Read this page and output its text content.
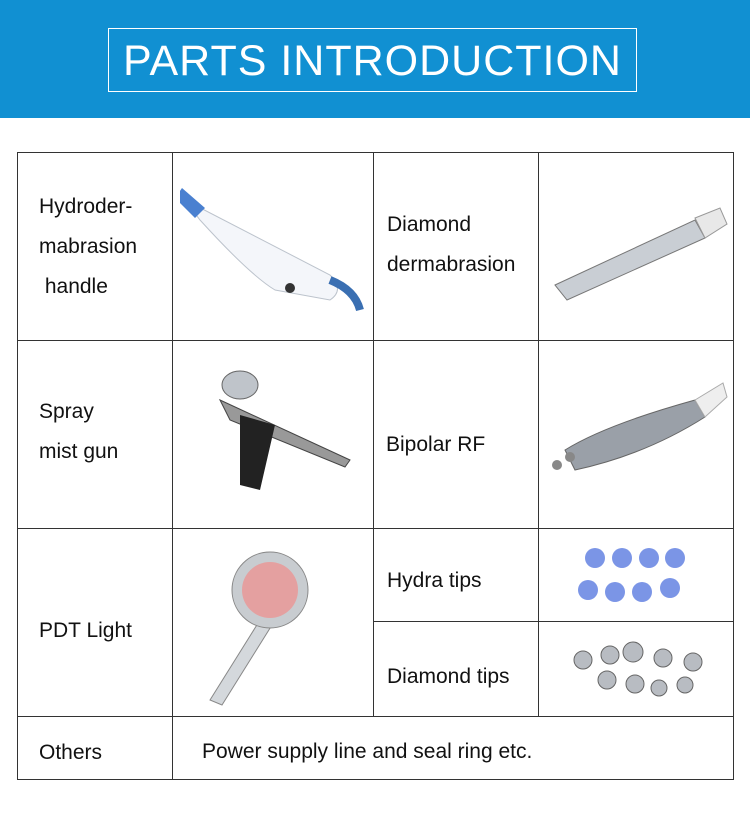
PARTS INTRODUCTION
Hydroder-
mabrasion
handle
Diamond
dermabrasion
Spray
mist gun	Bipolar RF
PDT Light
Hydra tips
Diamond tips
Others	Power supply line and seal ring etc.
